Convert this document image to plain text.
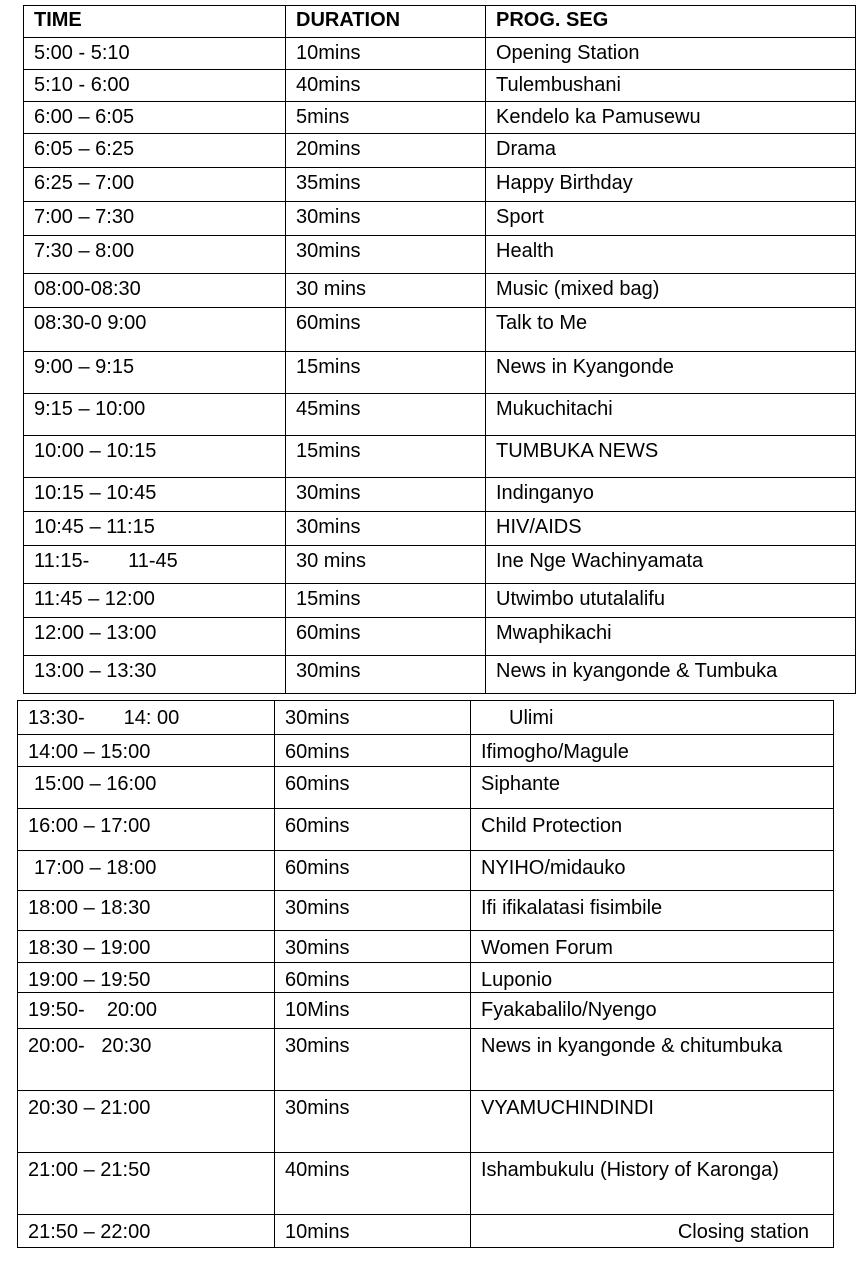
TIME	DURATION	PROG. SEG
5:00 - 5:10	10mins	Opening Station
5:10 - 6:00	40mins	Tulembushani
6:00 – 6:05	5mins	Kendelo ka Pamusewu
6:05 – 6:25	20mins	Drama
6:25 – 7:00	35mins	Happy Birthday
7:00 – 7:30	30mins	Sport
7:30 – 8:00	30mins	Health
08:00-08:30	30 mins	Music (mixed bag)
08:30-0 9:00	60mins	Talk to Me
9:00 – 9:15	15mins	News in Kyangonde
9:15 – 10:00	45mins	Mukuchitachi
10:00 – 10:15	15mins	TUMBUKA NEWS
10:15 – 10:45	30mins	Indinganyo
10:45 – 11:15	30mins	HIV/AIDS
11:15-       11-45	30 mins	Ine Nge Wachinyamata
11:45 – 12:00	15mins	Utwimbo ututalalifu
12:00 – 13:00	60mins	Mwaphikachi
13:00 – 13:30	30mins	News in kyangonde & Tumbuka
13:30-       14: 00	30mins	Ulimi
14:00 – 15:00	60mins	Ifimogho/Magule
15:00 – 16:00	60mins	Siphante
16:00 – 17:00	60mins	Child Protection
17:00 – 18:00	60mins	NYIHO/midauko
18:00 – 18:30	30mins	Ifi ifikalatasi fisimbile
18:30 – 19:00	30mins	Women Forum
19:00 – 19:50	60mins	Luponio
19:50-    20:00	10Mins	Fyakabalilo/Nyengo
20:00-   20:30	30mins	News in kyangonde & chitumbuka
20:30 – 21:00	30mins	VYAMUCHINDINDI
21:00 – 21:50	40mins	Ishambukulu (History of Karonga)
21:50 – 22:00	10mins	Closing station
